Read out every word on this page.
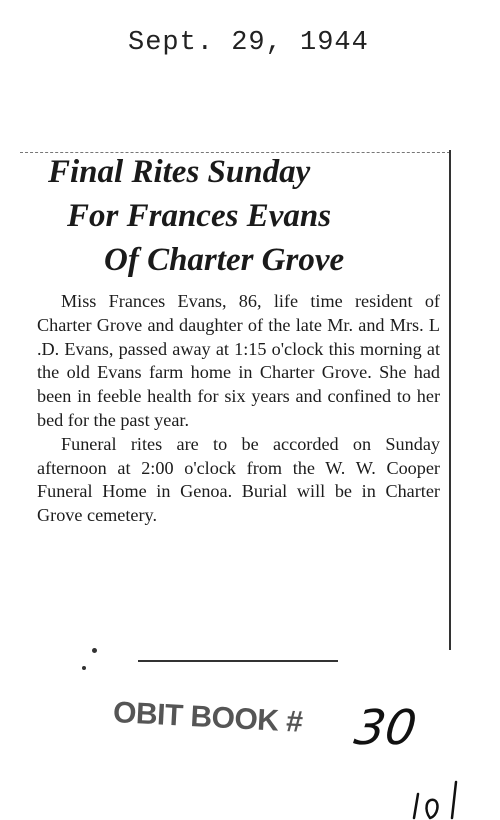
Sept. 29, 1944
Final Rites Sunday
For Frances Evans
Of Charter Grove

Miss Frances Evans, 86, life time resident of Charter Grove and daughter of the late Mr. and Mrs. L .D. Evans, passed away at 1:15 o'clock this morning at the old Evans farm home in Charter Grove. She had been in feeble health for six years and confined to her bed for the past year.

Funeral rites are to be accorded on Sunday afternoon at 2:00 o'clock from the W. W. Cooper Funeral Home in Genoa. Burial will be in Charter Grove cemetery.

OBIT BOOK # 30
